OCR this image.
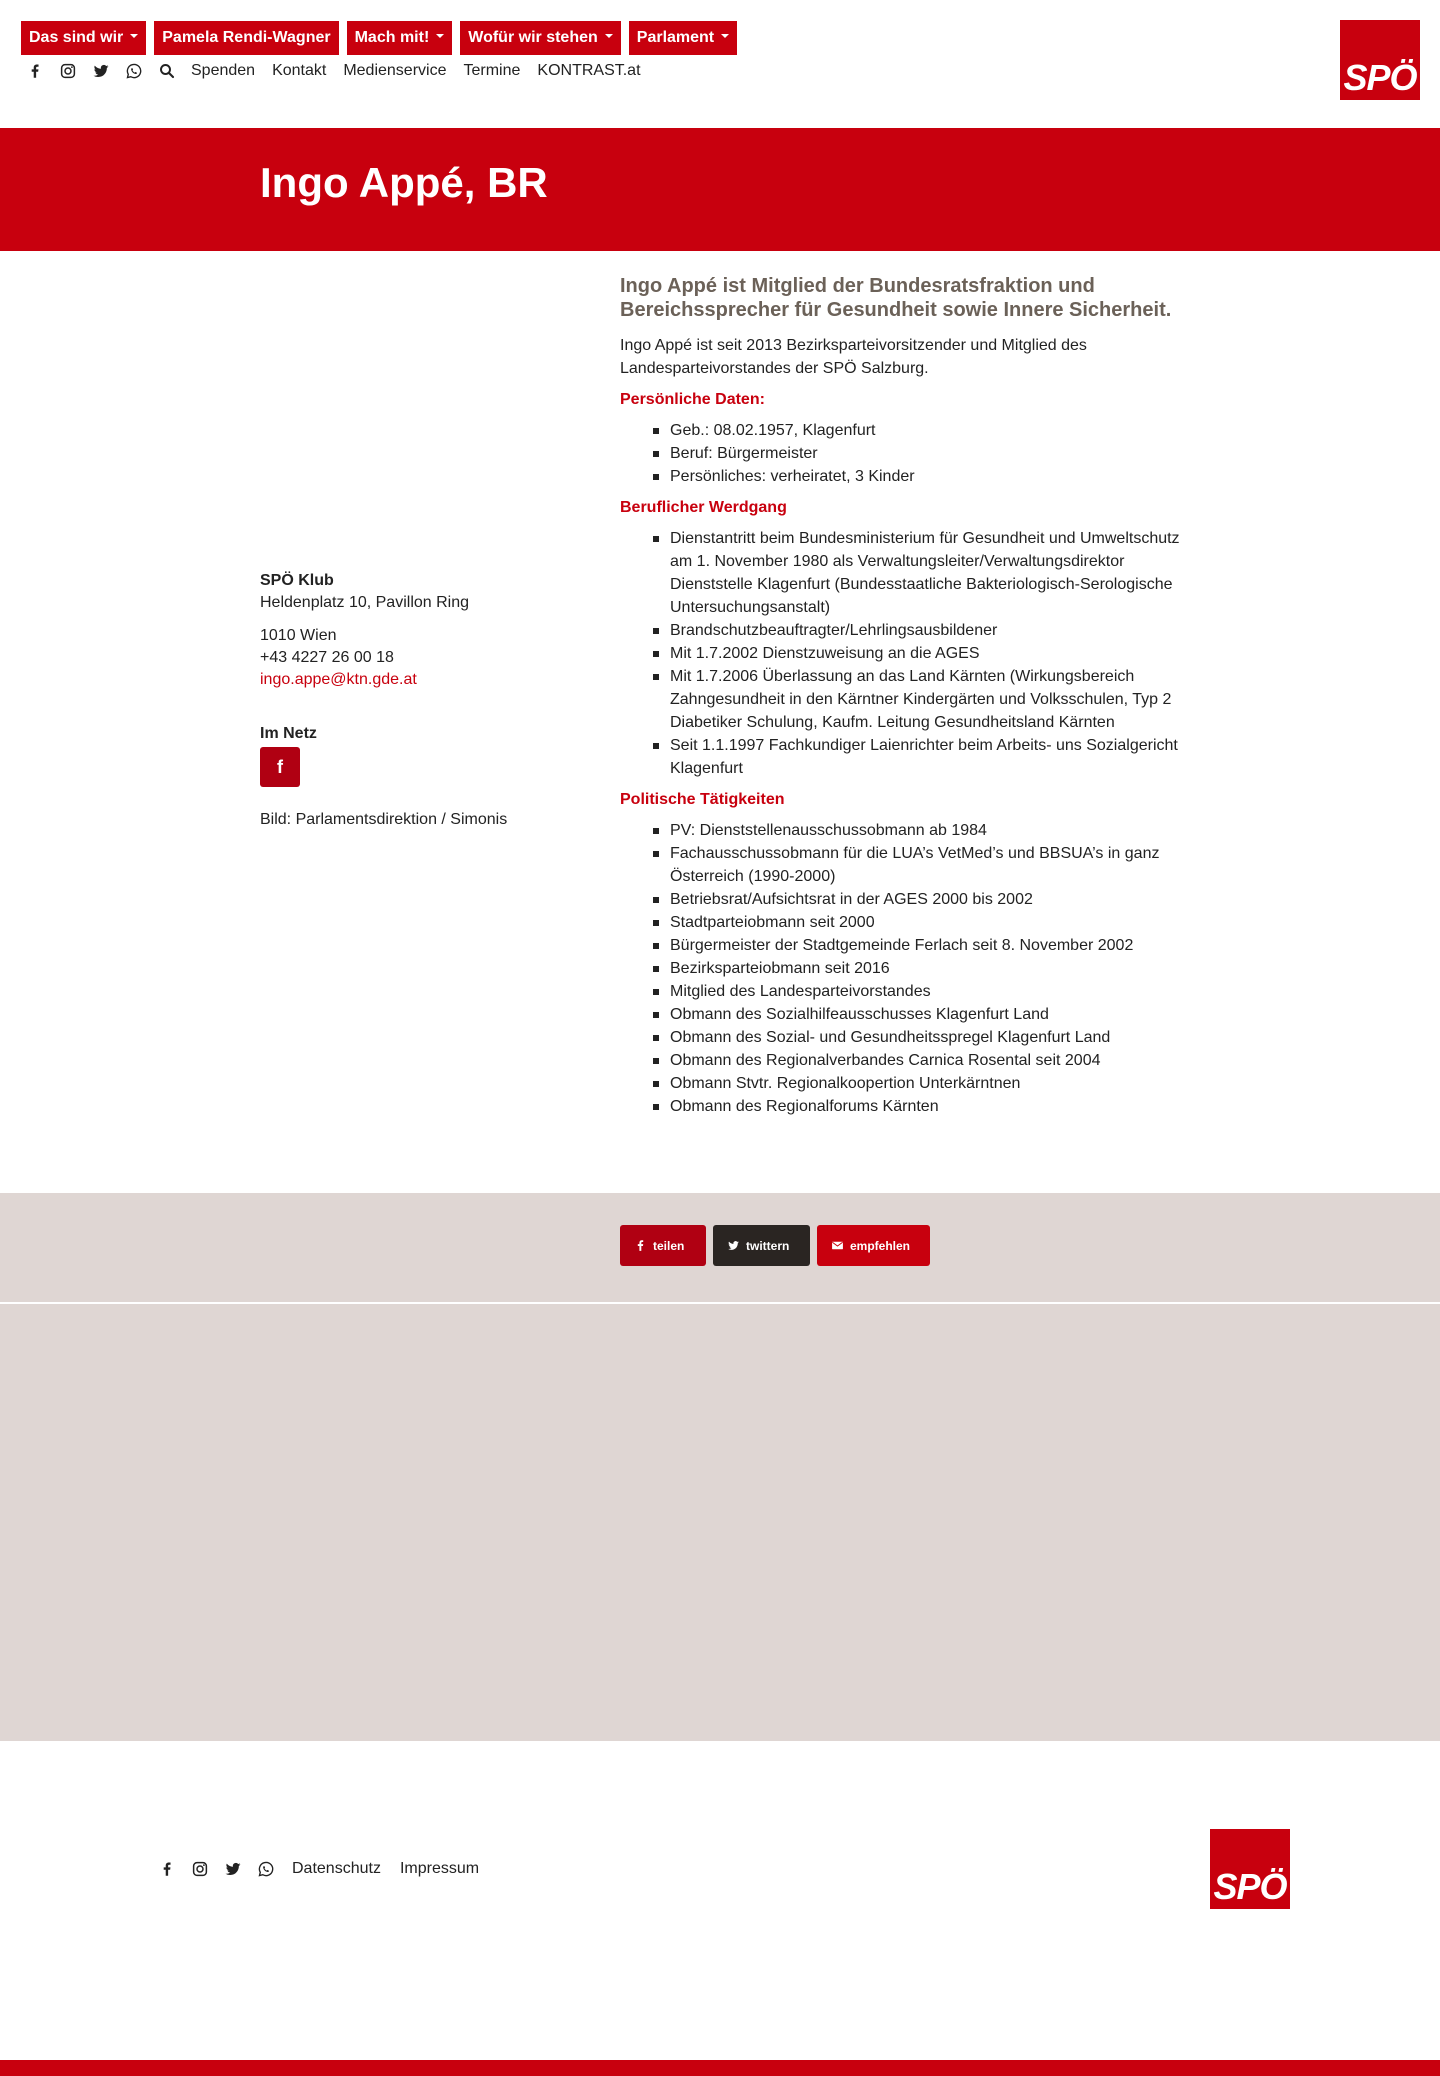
Das sind wir	Pamela Rendi-Wagner	Mach mit!	Wofür wir stehen	Parlament
Spenden Kontakt Medienservice Termine KONTRAST.at	SPÖ
Ingo Appé, BR

SPÖ Klub

Heldenplatz 10, Pavillon Ring

1010 Wien

+43 4227 26 00 18

ingo.appe@ktn.gde.at

Im Netz

f

Bild: Parlamentsdirektion / Simonis

Ingo Appé ist Mitglied der Bundesratsfraktion und Bereichssprecher für Gesundheit sowie Innere Sicherheit.

Ingo Appé ist seit 2013 Bezirksparteivorsitzender und Mitglied des Landesparteivorstandes der SPÖ Salzburg.

Persönliche Daten:
Geb.: 08.02.1957, Klagenfurt
Beruf: Bürgermeister
Persönliches: verheiratet, 3 Kinder
Beruflicher Werdgang
Dienstantritt beim Bundesministerium für Gesundheit und Umweltschutz am 1. November 1980 als Verwaltungsleiter/Verwaltungsdirektor Dienststelle Klagenfurt (Bundesstaatliche Bakteriologisch-Serologische Untersuchungsanstalt)
Brandschutzbeauftragter/Lehrlingsausbildener
Mit 1.7.2002 Dienstzuweisung an die AGES
Mit 1.7.2006 Überlassung an das Land Kärnten (Wirkungsbereich Zahngesundheit in den Kärntner Kindergärten und Volksschulen, Typ 2 Diabetiker Schulung, Kaufm. Leitung Gesundheitsland Kärnten
Seit 1.1.1997 Fachkundiger Laienrichter beim Arbeits- uns Sozialgericht Klagenfurt
Politische Tätigkeiten
PV: Dienststellenausschussobmann ab 1984
Fachausschussobmann für die LUA’s VetMed’s und BBSUA’s in ganz Österreich (1990-2000)
Betriebsrat/Aufsichtsrat in der AGES 2000 bis 2002
Stadtparteiobmann seit 2000
Bürgermeister der Stadtgemeinde Ferlach seit 8. November 2002
Bezirksparteiobmann seit 2016
Mitglied des Landesparteivorstandes
Obmann des Sozialhilfeausschusses Klagenfurt Land
Obmann des Sozial- und Gesundheitsspregel Klagenfurt Land
Obmann des Regionalverbandes Carnica Rosental seit 2004
Obmann Stvtr. Regionalkoopertion Unterkärntnen
Obmann des Regionalforums Kärnten
teilen	twittern	empfehlen
Datenschutz Impressum	SPÖ
